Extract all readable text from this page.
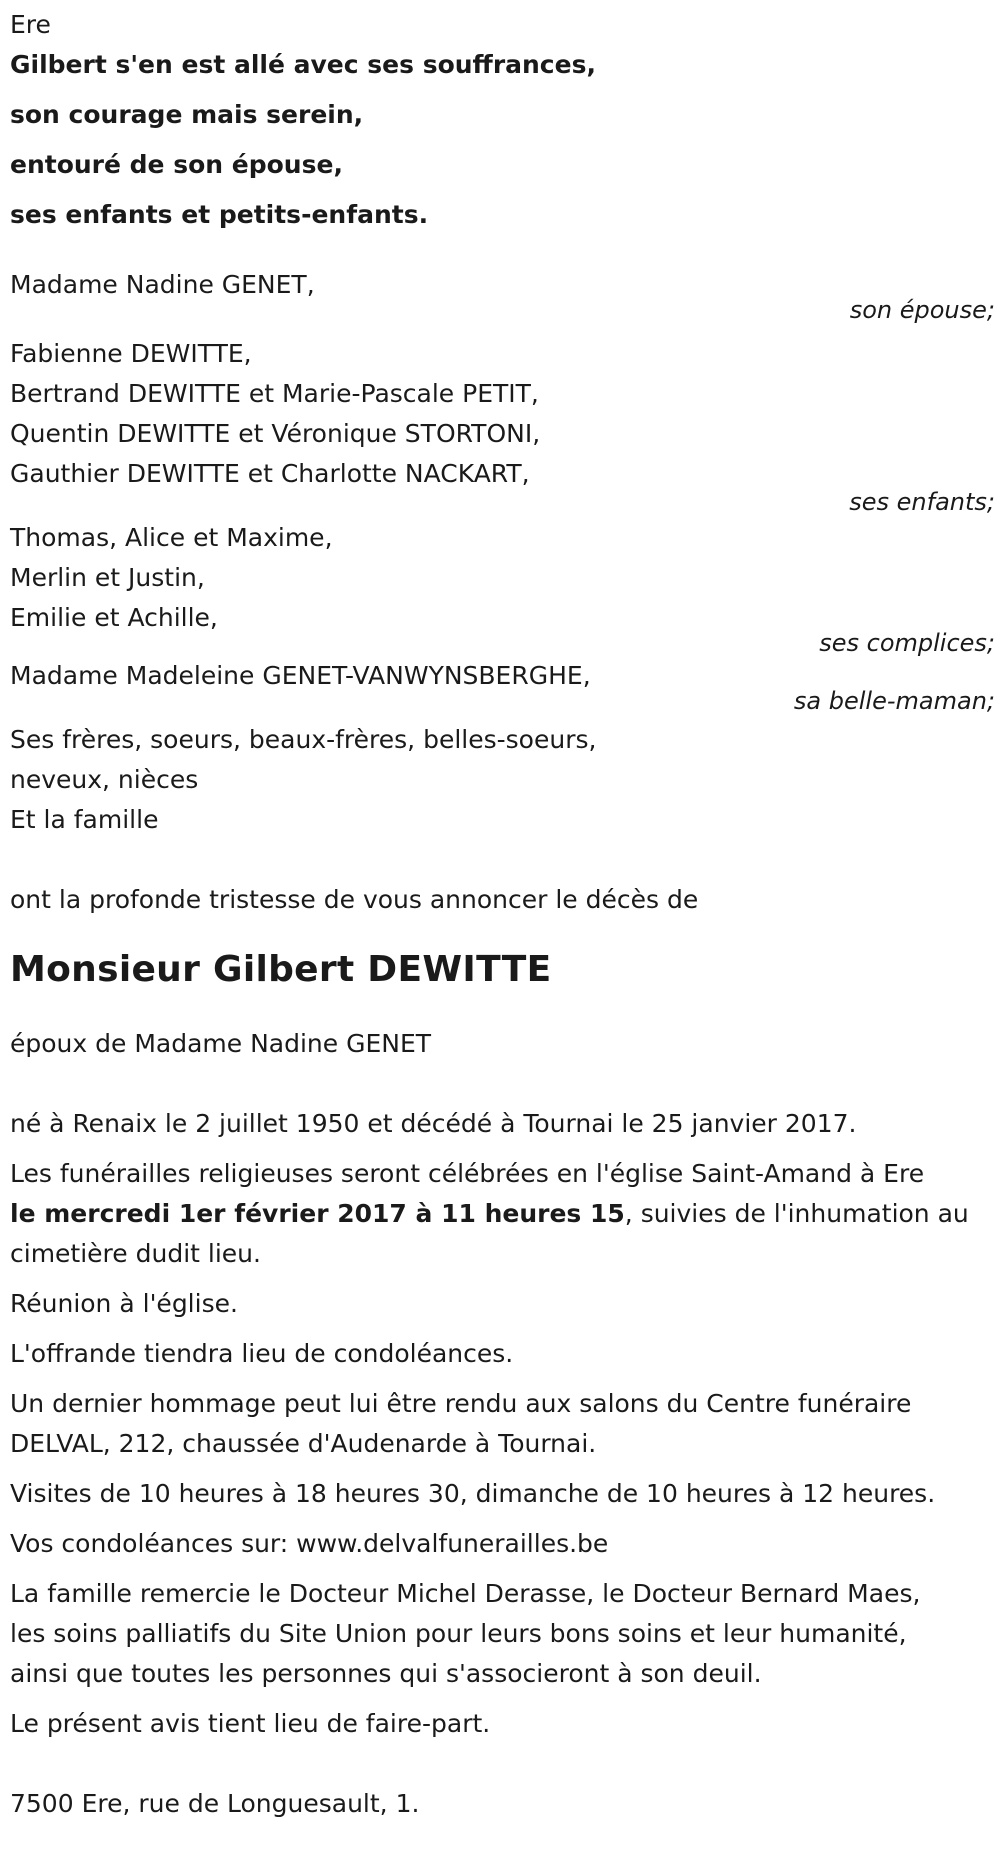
Ere

Gilbert s'en est allé avec ses souffrances,

son courage mais serein,

entouré de son épouse,

ses enfants et petits-enfants.

Madame Nadine GENET,

son épouse;

Fabienne DEWITTE,

Bertrand DEWITTE et Marie-Pascale PETIT,

Quentin DEWITTE et Véronique STORTONI,

Gauthier DEWITTE et Charlotte NACKART,

ses enfants;

Thomas, Alice et Maxime,

Merlin et Justin,

Emilie et Achille,

ses complices;

Madame Madeleine GENET-VANWYNSBERGHE,

sa belle-maman;

Ses frères, soeurs, beaux-frères, belles-soeurs,

neveux, nièces

Et la famille

ont la profonde tristesse de vous annoncer le décès de

Monsieur Gilbert DEWITTE

époux de Madame Nadine GENET

né à Renaix le 2 juillet 1950 et décédé à Tournai le 25 janvier 2017.

Les funérailles religieuses seront célébrées en l'église Saint-Amand à Ere
le mercredi 1er février 2017 à 11 heures 15, suivies de l'inhumation au
cimetière dudit lieu.

Réunion à l'église.

L'offrande tiendra lieu de condoléances.

Un dernier hommage peut lui être rendu aux salons du Centre funéraire
DELVAL, 212, chaussée d'Audenarde à Tournai.

Visites de 10 heures à 18 heures 30, dimanche de 10 heures à 12 heures.

Vos condoléances sur: www.delvalfunerailles.be

La famille remercie le Docteur Michel Derasse, le Docteur Bernard Maes,
les soins palliatifs du Site Union pour leurs bons soins et leur humanité,
ainsi que toutes les personnes qui s'associeront à son deuil.

Le présent avis tient lieu de faire-part.

7500 Ere, rue de Longuesault, 1.
